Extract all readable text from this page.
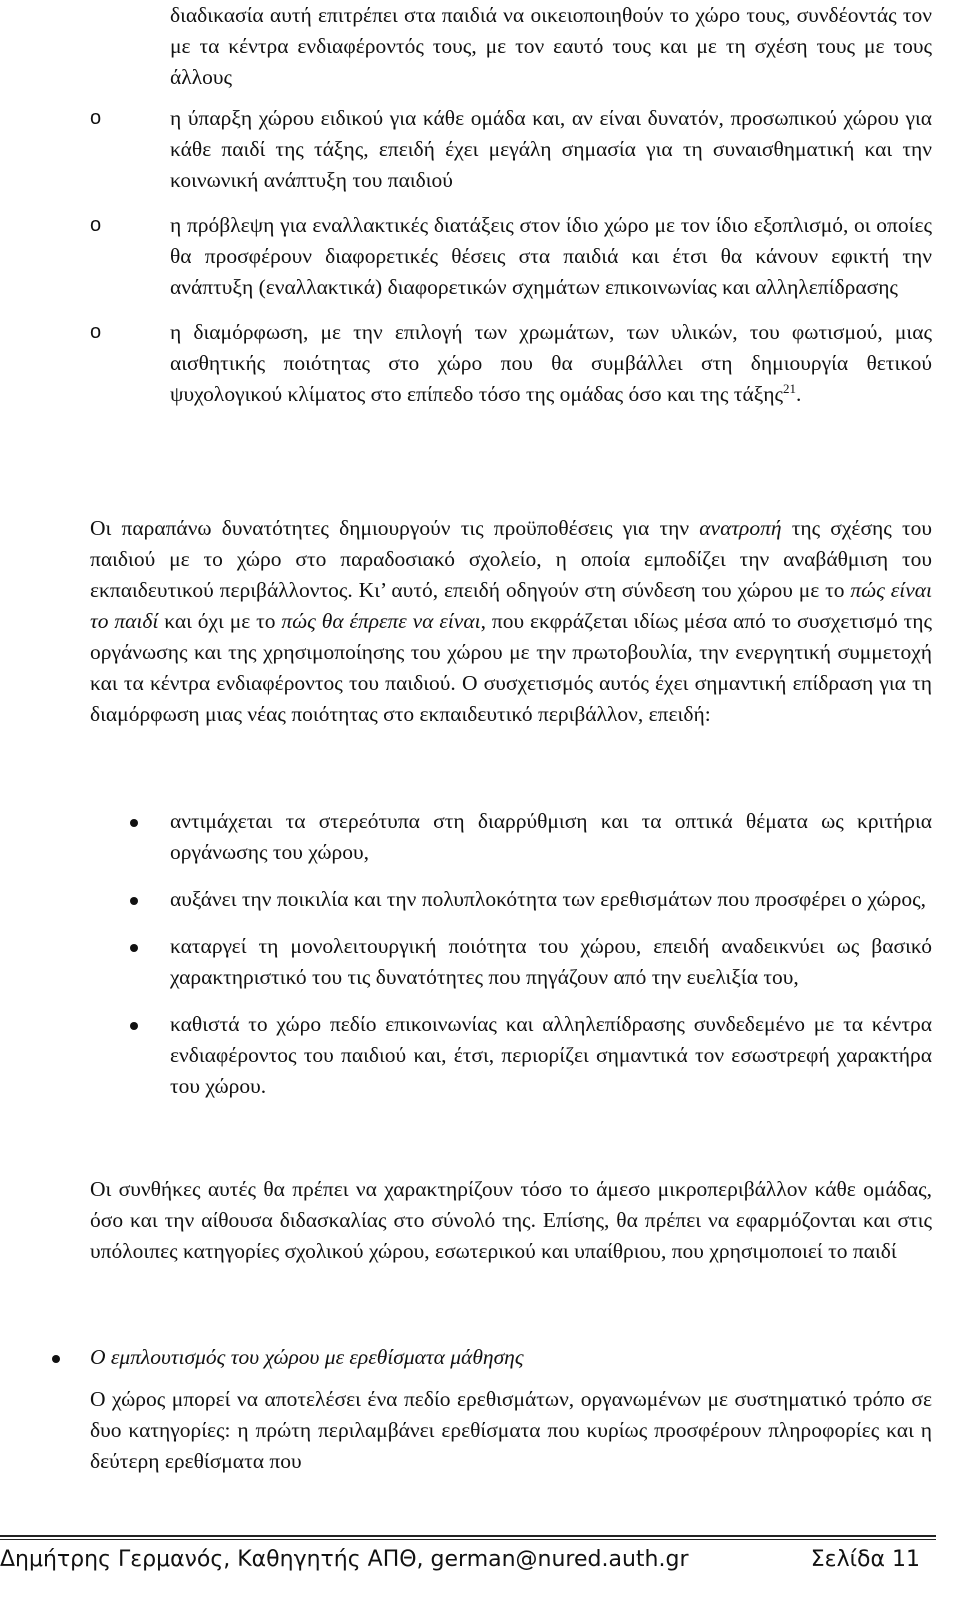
διαδικασία αυτή επιτρέπει στα παιδιά να οικειοποιηθούν το χώρο τους, συνδέοντάς τον με τα κέντρα ενδιαφέροντός τους, με τον εαυτό τους και με τη σχέση τους με τους άλλους
o	η ύπαρξη χώρου ειδικού για κάθε ομάδα και, αν είναι δυνατόν, προσωπικού χώρου για κάθε παιδί της τάξης, επειδή έχει μεγάλη σημασία για τη συναισθηματική και την κοινωνική ανάπτυξη του παιδιού
o	η πρόβλεψη για εναλλακτικές διατάξεις στον ίδιο χώρο με τον ίδιο εξοπλισμό, οι οποίες θα προσφέρουν διαφορετικές θέσεις στα παιδιά και έτσι θα κάνουν εφικτή την ανάπτυξη (εναλλακτικά) διαφορετικών σχημάτων επικοινωνίας και αλληλεπίδρασης
o	η διαμόρφωση, με την επιλογή των χρωμάτων, των υλικών, του φωτισμού, μιας αισθητικής ποιότητας στο χώρο που θα συμβάλλει στη δημιουργία θετικού ψυχολογικού κλίματος στο επίπεδο τόσο της ομάδας όσο και της τάξης$^{21}$.
Οι παραπάνω δυνατότητες δημιουργούν τις προϋποθέσεις για την ανατροπή της σχέσης του παιδιού με το χώρο στο παραδοσιακό σχολείο, η οποία εμποδίζει την αναβάθμιση του εκπαιδευτικού περιβάλλοντος. Κι’ αυτό, επειδή οδηγούν στη σύνδεση του χώρου με το πώς είναι το παιδί και όχι με το πώς θα έπρεπε να είναι, που εκφράζεται ιδίως μέσα από το συσχετισμό της οργάνωσης και της χρησιμοποίησης του χώρου με την πρωτοβουλία, την ενεργητική συμμετοχή και τα κέντρα ενδιαφέροντος του παιδιού. Ο συσχετισμός αυτός έχει σημαντική επίδραση για τη διαμόρφωση μιας νέας ποιότητας στο εκπαιδευτικό περιβάλλον, επειδή:
αντιμάχεται τα στερεότυπα στη διαρρύθμιση και τα οπτικά θέματα ως κριτήρια οργάνωσης του χώρου,
αυξάνει την ποικιλία και την πολυπλοκότητα των ερεθισμάτων που προσφέρει ο χώρος,
καταργεί τη μονολειτουργική ποιότητα του χώρου, επειδή αναδεικνύει ως βασικό χαρακτηριστικό του τις δυνατότητες που πηγάζουν από την ευελιξία του,
καθιστά το χώρο πεδίο επικοινωνίας και αλληλεπίδρασης συνδεδεμένο με τα κέντρα ενδιαφέροντος του παιδιού και, έτσι, περιορίζει σημαντικά τον εσωστρεφή χαρακτήρα του χώρου.
Οι συνθήκες αυτές θα πρέπει να χαρακτηρίζουν τόσο το άμεσο μικροπεριβάλλον κάθε ομάδας, όσο και την αίθουσα διδασκαλίας στο σύνολό της. Επίσης, θα πρέπει να εφαρμόζονται και στις υπόλοιπες κατηγορίες σχολικού χώρου, εσωτερικού και υπαίθριου, που χρησιμοποιεί το παιδί
Ο εμπλουτισμός του χώρου με ερεθίσματα μάθησης
Ο χώρος μπορεί να αποτελέσει ένα πεδίο ερεθισμάτων, οργανωμένων με συστηματικό τρόπο σε δυο κατηγορίες: η πρώτη περιλαμβάνει ερεθίσματα που κυρίως προσφέρουν πληροφορίες και η δεύτερη ερεθίσματα που
Δημήτρης Γερμανός, Καθηγητής ΑΠΘ, german@nured.auth.gr	Σελίδα 11
